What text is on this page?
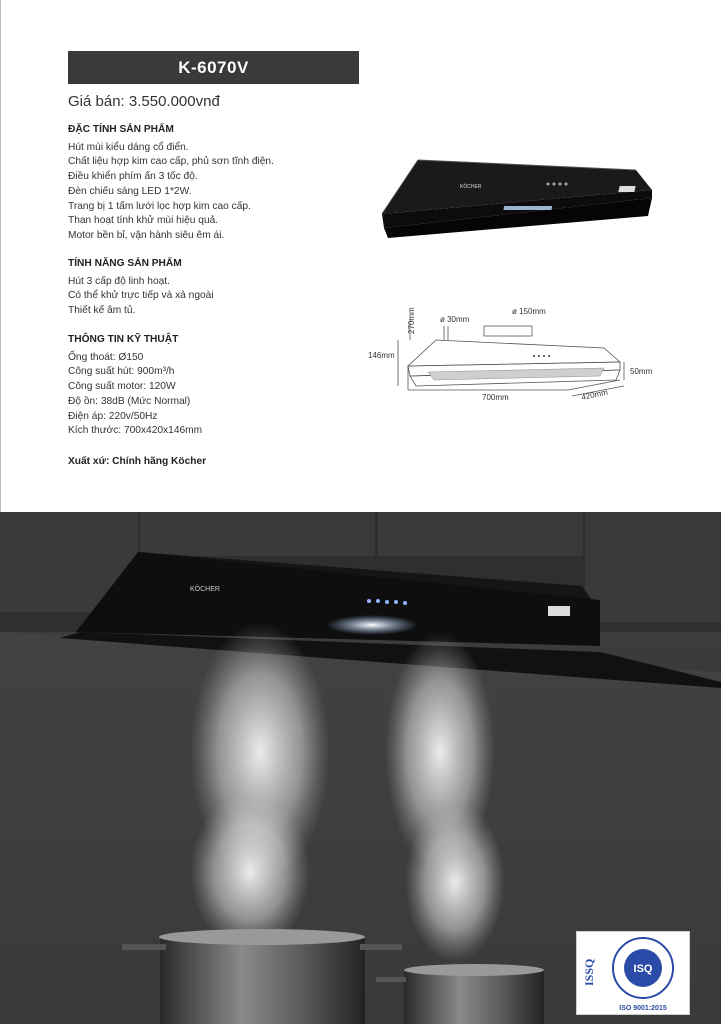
K-6070V
Giá bán: 3.550.000vnđ
ĐẶC TÍNH SẢN PHẨM
Hút mùi kiểu dáng cổ điển.
Chất liệu hợp kim cao cấp, phủ sơn tĩnh điện.
Điều khiển phím ấn 3 tốc độ.
Đèn chiếu sáng LED 1*2W.
Trang bị 1 tấm lưới lọc hợp kim cao cấp.
Than hoạt tính khử mùi hiệu quả.
Motor bền bỉ, vận hành siêu êm ái.
TÍNH NĂNG SẢN PHẨM
Hút 3 cấp độ linh hoạt.
Có thể khử trực tiếp và xả ngoài
Thiết kế âm tủ.
THÔNG TIN KỸ THUẬT
Ống thoát: Ø150
Công suất hút: 900m³/h
Công suất motor: 120W
Độ ồn: 38dB (Mức Normal)
Điện áp: 220v/50Hz
Kích thước: 700x420x146mm
Xuất xứ: Chính hãng Köcher
KÖCHER
ø 30mm
ø 150mm
270mm
146mm
700mm	420mm
50mm
KÖCHER
ISSQ	ISQ
ISO 9001:2015
